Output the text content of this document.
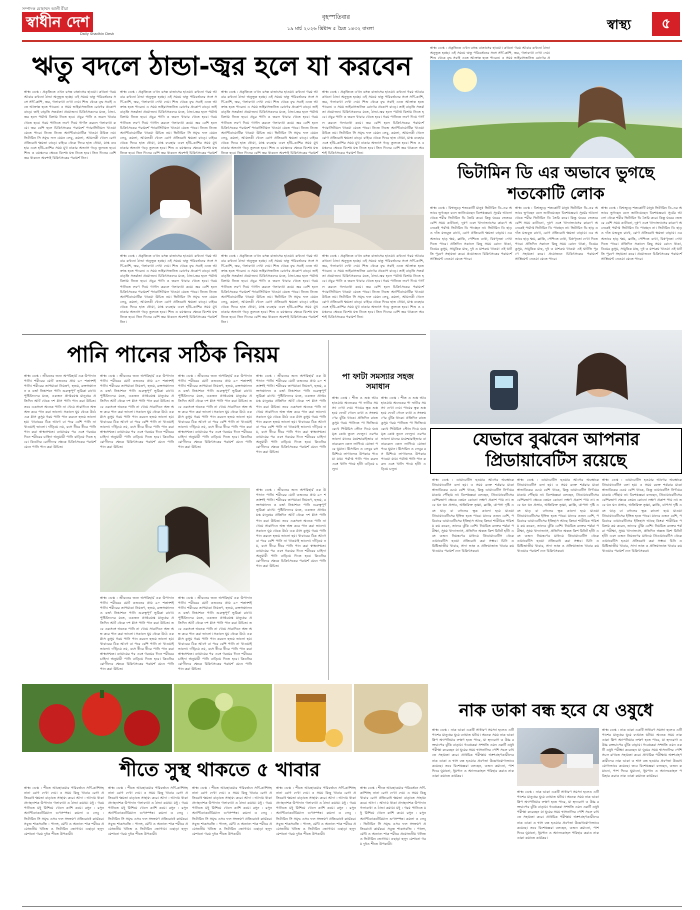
সম্পাদক মোহাম্মদ আলী মীরা
স্বাধীন দেশ
Daily Shadhin Desh
বৃহস্পতিবার
১৯ মার্চ ২০২৬ খ্রিষ্টাব্দ ৫ চৈত্র ১৪৩২ বাংলা	স্বাস্থ্য	৫
ঋতু বদলে ঠান্ডা-জ্বর হলে যা করবেন
স্বাস্থ্য ডেস্ক : প্রকৃতিতে এখন বসন্ত বাতাসের হাওয়া। কখনো গরম আবার কখনো ঠান্ডা অনুভূত হচ্ছে। এই সময়ে ঋতু পরিবর্তনের সঙ্গে সর্দি-কাশি, জ্বর, গলাব্যথা দেখা দেয়। শিশু থেকে বৃদ্ধ সবাই এতে আক্রান্ত হতে পারেন। এ সময় ভাইরাসজনিত রোগের প্রকোপ বাড়ে। তাই বাড়তি সতর্কতা প্রয়োজন। চিকিৎসকদের মতে, ঠান্ডা-জ্বর হলে পর্যাপ্ত বিশ্রাম নিতে হবে। প্রচুর পানি ও তরল খাবার খেতে হবে। গরম পানিতে লবণ দিয়ে গার্গল করলে গলাব্যথা কমে। জ্বর বেশি হলে চিকিৎসকের পরামর্শে প্যারাসিটামল খাওয়া যেতে পারে। নিজে নিজে অ্যান্টিবায়োটিক খাওয়া উচিত নয়। ভিটামিন সি সমৃদ্ধ ফল যেমন লেবু, কমলা, আমলকী খেলে রোগ প্রতিরোধ ক্ষমতা বাড়ে। বাইরে থেকে ফিরে হাত ধোয়া, মাস্ক ব্যবহার এবং হাঁচি-কাশির সময় মুখ ঢাকার অভ্যাস গড়ে তুলতে হবে। শিশু ও বয়স্কদের ক্ষেত্রে বিশেষ যত্ন নিতে হবে। তিন দিনের বেশি জ্বর থাকলে অবশ্যই চিকিৎসকের পরামর্শ নিন।
স্বাস্থ্য ডেস্ক : প্রকৃতিতে এখন বসন্ত বাতাসের হাওয়া। কখনো গরম আবার কখনো ঠান্ডা অনুভূত হচ্ছে। এই সময়ে ঋতু পরিবর্তনের সঙ্গে সর্দি-কাশি, জ্বর, গলাব্যথা দেখা দেয়। শিশু থেকে বৃদ্ধ সবাই এতে আক্রান্ত হতে পারেন। এ সময় ভাইরাসজনিত রোগের প্রকোপ বাড়ে। তাই বাড়তি সতর্কতা প্রয়োজন। চিকিৎসকদের মতে, ঠান্ডা-জ্বর হলে পর্যাপ্ত বিশ্রাম নিতে হবে। প্রচুর পানি ও তরল খাবার খেতে হবে। গরম পানিতে লবণ দিয়ে গার্গল করলে গলাব্যথা কমে। জ্বর বেশি হলে চিকিৎসকের পরামর্শে প্যারাসিটামল খাওয়া যেতে পারে। নিজে নিজে অ্যান্টিবায়োটিক খাওয়া উচিত নয়। ভিটামিন সি সমৃদ্ধ ফল যেমন লেবু, কমলা, আমলকী খেলে রোগ প্রতিরোধ ক্ষমতা বাড়ে। বাইরে থেকে ফিরে হাত ধোয়া, মাস্ক ব্যবহার এবং হাঁচি-কাশির সময় মুখ ঢাকার অভ্যাস গড়ে তুলতে হবে। শিশু ও বয়স্কদের ক্ষেত্রে বিশেষ যত্ন নিতে হবে। তিন দিনের বেশি জ্বর থাকলে অবশ্যই চিকিৎসকের পরামর্শ
স্বাস্থ্য ডেস্ক : প্রকৃতিতে এখন বসন্ত বাতাসের হাওয়া। কখনো গরম আবার কখনো ঠান্ডা অনুভূত হচ্ছে। এই সময়ে ঋতু পরিবর্তনের সঙ্গে সর্দি-কাশি, জ্বর, গলাব্যথা দেখা দেয়। শিশু থেকে বৃদ্ধ সবাই এতে আক্রান্ত হতে পারেন। এ সময় ভাইরাসজনিত রোগের প্রকোপ বাড়ে। তাই বাড়তি সতর্কতা প্রয়োজন। চিকিৎসকদের মতে, ঠান্ডা-জ্বর হলে পর্যাপ্ত বিশ্রাম নিতে হবে। প্রচুর পানি ও তরল খাবার খেতে হবে। গরম পানিতে লবণ দিয়ে গার্গল করলে গলাব্যথা কমে। জ্বর বেশি হলে চিকিৎসকের পরামর্শে প্যারাসিটামল খাওয়া যেতে পারে। নিজে নিজে অ্যান্টিবায়োটিক খাওয়া উচিত নয়। ভিটামিন সি সমৃদ্ধ ফল যেমন লেবু, কমলা, আমলকী খেলে রোগ প্রতিরোধ ক্ষমতা বাড়ে। বাইরে থেকে ফিরে হাত ধোয়া, মাস্ক ব্যবহার এবং হাঁচি-কাশির সময় মুখ ঢাকার অভ্যাস গড়ে তুলতে হবে। শিশু ও বয়স্কদের ক্ষেত্রে বিশেষ যত্ন নিতে হবে। তিন দিনের বেশি জ্বর থাকলে অবশ্যই চিকিৎসকের পরামর্শ
স্বাস্থ্য ডেস্ক : প্রকৃতিতে এখন বসন্ত বাতাসের হাওয়া। কখনো গরম আবার কখনো ঠান্ডা অনুভূত হচ্ছে। এই সময়ে ঋতু পরিবর্তনের সঙ্গে সর্দি-কাশি, জ্বর, গলাব্যথা দেখা দেয়। শিশু থেকে বৃদ্ধ সবাই এতে আক্রান্ত হতে পারেন। এ সময় ভাইরাসজনিত রোগের প্রকোপ বাড়ে। তাই বাড়তি সতর্কতা প্রয়োজন। চিকিৎসকদের মতে, ঠান্ডা-জ্বর হলে পর্যাপ্ত বিশ্রাম নিতে হবে। প্রচুর পানি ও তরল খাবার খেতে হবে। গরম পানিতে লবণ দিয়ে গার্গল করলে গলাব্যথা কমে। জ্বর বেশি হলে চিকিৎসকের পরামর্শে প্যারাসিটামল খাওয়া যেতে পারে। নিজে নিজে অ্যান্টিবায়োটিক খাওয়া উচিত নয়। ভিটামিন সি সমৃদ্ধ ফল যেমন লেবু, কমলা, আমলকী খেলে রোগ প্রতিরোধ ক্ষমতা বাড়ে। বাইরে থেকে ফিরে হাত ধোয়া, মাস্ক ব্যবহার এবং হাঁচি-কাশির সময় মুখ ঢাকার অভ্যাস গড়ে তুলতে হবে। শিশু ও বয়স্কদের ক্ষেত্রে বিশেষ যত্ন নিতে হবে। তিন দিনের বেশি জ্বর থাকলে অবশ্যই চিকিৎসকের পরামর্শ নিন।
স্বাস্থ্য ডেস্ক : প্রকৃতিতে এখন বসন্ত বাতাসের হাওয়া। কখনো গরম আবার কখনো ঠান্ডা অনুভূত হচ্ছে। এই সময়ে ঋতু পরিবর্তনের সঙ্গে সর্দি-কাশি, জ্বর, গলাব্যথা দেখা দেয়। শিশু থেকে বৃদ্ধ সবাই এতে আক্রান্ত হতে পারেন। এ সময় ভাইরাসজনিত রোগের প্রকোপ বাড়ে। তাই বাড়তি সতর্কতা প্রয়োজন। চিকিৎসকদের মতে, ঠান্ডা-জ্বর হলে পর্যাপ্ত বিশ্রাম নিতে হবে। প্রচুর পানি ও তরল খাবার খেতে হবে। গরম পানিতে লবণ দিয়ে গার্গল করলে গলাব্যথা কমে। জ্বর বেশি হলে চিকিৎসকের পরামর্শে প্যারাসিটামল খাওয়া যেতে পারে। নিজে নিজে অ্যান্টিবায়োটিক খাওয়া উচিত নয়। ভিটামিন সি সমৃদ্ধ ফল যেমন লেবু, কমলা, আমলকী খেলে রোগ প্রতিরোধ ক্ষমতা বাড়ে। বাইরে থেকে ফিরে হাত ধোয়া, মাস্ক ব্যবহার এবং হাঁচি-কাশির সময় মুখ ঢাকার অভ্যাস গড়ে তুলতে হবে। শিশু ও বয়স্কদের ক্ষেত্রে বিশেষ যত্ন নিতে হবে। তিন দিনের বেশি জ্বর থাকলে অবশ্যই চিকিৎসকের পরামর্শ নিন।
স্বাস্থ্য ডেস্ক : প্রকৃতিতে এখন বসন্ত বাতাসের হাওয়া। কখনো গরম আবার কখনো ঠান্ডা অনুভূত হচ্ছে। এই সময়ে ঋতু পরিবর্তনের সঙ্গে সর্দি-কাশি, জ্বর, গলাব্যথা দেখা দেয়। শিশু থেকে বৃদ্ধ সবাই এতে আক্রান্ত হতে পারেন। এ সময় ভাইরাসজনিত রোগের প্রকোপ বাড়ে। তাই বাড়তি সতর্কতা প্রয়োজন। চিকিৎসকদের মতে, ঠান্ডা-জ্বর হলে পর্যাপ্ত বিশ্রাম নিতে হবে। প্রচুর পানি ও তরল খাবার খেতে হবে। গরম পানিতে লবণ দিয়ে গার্গল করলে গলাব্যথা কমে। জ্বর বেশি হলে চিকিৎসকের পরামর্শে প্যারাসিটামল খাওয়া যেতে পারে। নিজে নিজে অ্যান্টিবায়োটিক খাওয়া উচিত নয়। ভিটামিন সি সমৃদ্ধ ফল যেমন লেবু, কমলা, আমলকী খেলে রোগ প্রতিরোধ ক্ষমতা বাড়ে। বাইরে থেকে ফিরে হাত ধোয়া, মাস্ক ব্যবহার এবং হাঁচি-কাশির সময় মুখ ঢাকার অভ্যাস গড়ে তুলতে হবে। শিশু ও বয়স্কদের ক্ষেত্রে বিশেষ যত্ন নিতে হবে। তিন দিনের বেশি জ্বর থাকলে অবশ্যই চিকিৎসকের পরামর্শ নিন।
স্বাস্থ্য ডেস্ক : প্রকৃতিতে এখন বসন্ত বাতাসের হাওয়া। কখনো গরম আবার কখনো ঠান্ডা অনুভূত হচ্ছে। এই সময়ে ঋতু পরিবর্তনের সঙ্গে সর্দি-কাশি, জ্বর, গলাব্যথা দেখা দেয়। শিশু থেকে বৃদ্ধ সবাই এতে আক্রান্ত হতে পারেন। এ সময় ভাইরাসজনিত রোগের প্রকোপ বাড়ে। তাই বাড়তি সতর্কতা প্রয়োজন। চিকিৎসকদের মতে, ঠান্ডা-জ্বর হলে পর্যাপ্ত বিশ্রাম নিতে হবে। প্রচুর পানি ও তরল খাবার খেতে হবে। গরম পানিতে লবণ দিয়ে গার্গল করলে গলাব্যথা কমে। জ্বর বেশি হলে চিকিৎসকের পরামর্শে প্যারাসিটামল খাওয়া যেতে পারে। নিজে নিজে অ্যান্টিবায়োটিক খাওয়া উচিত নয়। ভিটামিন সি সমৃদ্ধ ফল যেমন লেবু, কমলা, আমলকী খেলে রোগ প্রতিরোধ ক্ষমতা বাড়ে। বাইরে থেকে ফিরে হাত ধোয়া, মাস্ক ব্যবহার এবং হাঁচি-কাশির সময় মুখ ঢাকার অভ্যাস গড়ে তুলতে হবে। শিশু ও বয়স্কদের ক্ষেত্রে বিশেষ যত্ন নিতে হবে। তিন দিনের বেশি জ্বর থাকলে অবশ্যই চিকিৎসকের পরামর্শ নিন।
স্বাস্থ্য ডেস্ক : প্রকৃতিতে এখন বসন্ত বাতাসের হাওয়া। কখনো গরম আবার কখনো ঠান্ডা অনুভূত হচ্ছে। এই সময়ে ঋতু পরিবর্তনের সঙ্গে সর্দি-কাশি, জ্বর, গলাব্যথা দেখা দেয়। শিশু থেকে বৃদ্ধ সবাই এতে আক্রান্ত হতে পারেন। এ সময় ভাইরাসজনিত রোগের প্র
ভিটামিন ডি এর অভাবে ভুগছে শতকোটি লোক
স্বাস্থ্য ডেস্ক : বিশ্বজুড়ে শতকোটি মানুষ ভিটামিন ডি-এর অভাবে ভুগছেন বলে জানিয়েছেন বিশেষজ্ঞরা। সূর্যের আলো থেকে শরীর ভিটামিন ডি তৈরি করে। কিন্তু ঘরের ভেতরে বেশি সময় কাটানো, দূষণ এবং খাদ্যাভ্যাসের কারণে অনেকেই পর্যাপ্ত ভিটামিন ডি পাচ্ছেন না। ভিটামিন ডি হাড় ও দাঁত মজবুত রাখে, রোগ প্রতিরোধ ক্ষমতা বাড়ায়। এর অভাবে হাড় ক্ষয়, ক্লান্তি, পেশিতে ব্যথা, বিষণ্নতা দেখা দিতে পারে। প্রতিদিন সকালে কিছু সময় রোদে থাকা, ডিমের কুসুম, সামুদ্রিক মাছ, দুধ ও মাশরুম খাওয়া এই ঘাটতি পূরণে সহায়তা করে। প্রয়োজনে চিকিৎসকের পরামর্শে সাপ্লিমেন্ট নেওয়া যেতে পারে।
স্বাস্থ্য ডেস্ক : বিশ্বজুড়ে শতকোটি মানুষ ভিটামিন ডি-এর অভাবে ভুগছেন বলে জানিয়েছেন বিশেষজ্ঞরা। সূর্যের আলো থেকে শরীর ভিটামিন ডি তৈরি করে। কিন্তু ঘরের ভেতরে বেশি সময় কাটানো, দূষণ এবং খাদ্যাভ্যাসের কারণে অনেকেই পর্যাপ্ত ভিটামিন ডি পাচ্ছেন না। ভিটামিন ডি হাড় ও দাঁত মজবুত রাখে, রোগ প্রতিরোধ ক্ষমতা বাড়ায়। এর অভাবে হাড় ক্ষয়, ক্লান্তি, পেশিতে ব্যথা, বিষণ্নতা দেখা দিতে পারে। প্রতিদিন সকালে কিছু সময় রোদে থাকা, ডিমের কুসুম, সামুদ্রিক মাছ, দুধ ও মাশরুম খাওয়া এই ঘাটতি পূরণে সহায়তা করে। প্রয়োজনে চিকিৎসকের পরামর্শে সাপ্লিমেন্ট নেওয়া যেতে পারে।
স্বাস্থ্য ডেস্ক : বিশ্বজুড়ে শতকোটি মানুষ ভিটামিন ডি-এর অভাবে ভুগছেন বলে জানিয়েছেন বিশেষজ্ঞরা। সূর্যের আলো থেকে শরীর ভিটামিন ডি তৈরি করে। কিন্তু ঘরের ভেতরে বেশি সময় কাটানো, দূষণ এবং খাদ্যাভ্যাসের কারণে অনেকেই পর্যাপ্ত ভিটামিন ডি পাচ্ছেন না। ভিটামিন ডি হাড় ও দাঁত মজবুত রাখে, রোগ প্রতিরোধ ক্ষমতা বাড়ায়। এর অভাবে হাড় ক্ষয়, ক্লান্তি, পেশিতে ব্যথা, বিষণ্নতা দেখা দিতে পারে। প্রতিদিন সকালে কিছু সময় রোদে থাকা, ডিমের কুসুম, সামুদ্রিক মাছ, দুধ ও মাশরুম খাওয়া এই ঘাটতি পূরণে সহায়তা করে। প্রয়োজনে চিকিৎসকের পরামর্শে সাপ্লিমেন্ট নেওয়া যেতে পারে।
পানি পানের সঠিক নিয়ম
স্বাস্থ্য ডেস্ক : জীবনের জন্য অপরিহার্য এক উপাদান পানি। শরীরের মোট ওজনের প্রায় ৬০ শতাংশই পানি। শরীরের তাপমাত্রা নিয়ন্ত্রণ, হজম, রক্তসঞ্চালন ও বর্জ্য নিষ্কাশনে পানি গুরুত্বপূর্ণ ভূমিকা রাখে। পুষ্টিবিদদের মতে, একজন প্রাপ্তবয়স্ক মানুষের প্রতিদিন আট থেকে দশ গ্লাস পানি পান করা উচিত। তবে একসঙ্গে অনেক পানি না খেয়ে সারাদিনে অল্প অল্প করে পান করা ভালো। সকালে ঘুম থেকে উঠে এক গ্লাস কুসুম গরম পানি পান করলে হজম ভালো হয়। খাবারের ঠিক আগে বা পরে বেশি পানি না খাওয়াই ভালো। দাঁড়িয়ে নয়, বসে ধীরে ধীরে পানি পান করা স্বাস্থ্যসম্মত। ব্যায়ামের পর এবং গরমের দিনে শরীরের চাহিদা অনুযায়ী পানি বাড়িয়ে দিতে হবে। কিডনির রোগীদের ক্ষেত্রে চিকিৎসকের পরামর্শ মেনে পানি পান করা উচিত।
স্বাস্থ্য ডেস্ক : জীবনের জন্য অপরিহার্য এক উপাদান পানি। শরীরের মোট ওজনের প্রায় ৬০ শতাংশই পানি। শরীরের তাপমাত্রা নিয়ন্ত্রণ, হজম, রক্তসঞ্চালন ও বর্জ্য নিষ্কাশনে পানি গুরুত্বপূর্ণ ভূমিকা রাখে। পুষ্টিবিদদের মতে, একজন প্রাপ্তবয়স্ক মানুষের প্রতিদিন আট থেকে দশ গ্লাস পানি পান করা উচিত। তবে একসঙ্গে অনেক পানি না খেয়ে সারাদিনে অল্প অল্প করে পান করা ভালো। সকালে ঘুম থেকে উঠে এক গ্লাস কুসুম গরম পানি পান করলে হজম ভালো হয়। খাবারের ঠিক আগে বা পরে বেশি পানি না খাওয়াই ভালো। দাঁড়িয়ে নয়, বসে ধীরে ধীরে পানি পান করা স্বাস্থ্যসম্মত। ব্যায়ামের পর এবং গরমের দিনে শরীরের চাহিদা অনুযায়ী পানি বাড়িয়ে দিতে হবে। কিডনির রোগীদের ক্ষেত্রে চিকিৎসকের পরামর্শ মেনে পানি পান করা উচিত।
স্বাস্থ্য ডেস্ক : জীবনের জন্য অপরিহার্য এক উপাদান পানি। শরীরের মোট ওজনের প্রায় ৬০ শতাংশই পানি। শরীরের তাপমাত্রা নিয়ন্ত্রণ, হজম, রক্তসঞ্চালন ও বর্জ্য নিষ্কাশনে পানি গুরুত্বপূর্ণ ভূমিকা রাখে। পুষ্টিবিদদের মতে, একজন প্রাপ্তবয়স্ক মানুষের প্রতিদিন আট থেকে দশ গ্লাস পানি পান করা উচিত। তবে একসঙ্গে অনেক পানি না খেয়ে সারাদিনে অল্প অল্প করে পান করা ভালো। সকালে ঘুম থেকে উঠে এক গ্লাস কুসুম গরম পানি পান করলে হজম ভালো হয়। খাবারের ঠিক আগে বা পরে বেশি পানি না খাওয়াই ভালো। দাঁড়িয়ে নয়, বসে ধীরে ধীরে পানি পান করা স্বাস্থ্যসম্মত। ব্যায়ামের পর এবং গরমের দিনে শরীরের চাহিদা অনুযায়ী পানি বাড়িয়ে দিতে হবে। কিডনির রোগীদের ক্ষেত্রে চিকিৎসকের পরামর্শ মেনে পানি পান করা উচিত।
স্বাস্থ্য ডেস্ক : জীবনের জন্য অপরিহার্য এক উপাদান পানি। শরীরের মোট ওজনের প্রায় ৬০ শতাংশই পানি। শরীরের তাপমাত্রা নিয়ন্ত্রণ, হজম, রক্তসঞ্চালন ও বর্জ্য নিষ্কাশনে পানি গুরুত্বপূর্ণ ভূমিকা রাখে। পুষ্টিবিদদের মতে, একজন প্রাপ্তবয়স্ক মানুষের প্রতিদিন আট থেকে দশ গ্লাস পানি পান করা উচিত। তবে একসঙ্গে অনেক পানি না খেয়ে সারাদিনে অল্প অল্প করে পান করা ভালো। সকালে ঘুম থেকে উঠে এক গ্লাস কুসুম গরম পানি পান করলে হজম ভালো হয়। খাবারের ঠিক আগে বা পরে বেশি পানি না খাওয়াই ভালো। দাঁড়িয়ে নয়, বসে ধীরে ধীরে পানি পান করা স্বাস্থ্যসম্মত। ব্যায়ামের পর এবং গরমের দিনে শরীরের চাহিদা অনুযায়ী পানি বাড়িয়ে দিতে হবে। কিডনির রোগীদের ক্ষেত্রে চিকিৎসকের পরামর্শ মেনে পানি পান করা উচিত।
স্বাস্থ্য ডেস্ক : জীবনের জন্য অপরিহার্য এক উপাদান পানি। শরীরের মোট ওজনের প্রায় ৬০ শতাংশই পানি। শরীরের তাপমাত্রা নিয়ন্ত্রণ, হজম, রক্তসঞ্চালন ও বর্জ্য নিষ্কাশনে পানি গুরুত্বপূর্ণ ভূমিকা রাখে। পুষ্টিবিদদের মতে, একজন প্রাপ্তবয়স্ক মানুষের প্রতিদিন আট থেকে দশ গ্লাস পানি পান করা উচিত। তবে একসঙ্গে অনেক পানি না খেয়ে সারাদিনে অল্প অল্প করে পান করা ভালো। সকালে ঘুম থেকে উঠে এক গ্লাস কুসুম গরম পানি পান করলে হজম ভালো হয়। খাবারের ঠিক আগে বা পরে বেশি পানি না খাওয়াই ভালো। দাঁড়িয়ে নয়, বসে ধীরে ধীরে পানি পান করা স্বাস্থ্যসম্মত। ব্যায়ামের পর এবং গরমের দিনে শরীরের চাহিদা অনুযায়ী পানি বাড়িয়ে দিতে হবে। কিডনির রোগীদের ক্ষেত্রে চিকিৎসকের পরামর্শ মেনে পানি পান করা উচিত।
স্বাস্থ্য ডেস্ক : জীবনের জন্য অপরিহার্য এক উপাদান পানি। শরীরের মোট ওজনের প্রায় ৬০ শতাংশই পানি। শরীরের তাপমাত্রা নিয়ন্ত্রণ, হজম, রক্তসঞ্চালন ও বর্জ্য নিষ্কাশনে পানি গুরুত্বপূর্ণ ভূমিকা রাখে। পুষ্টিবিদদের মতে, একজন প্রাপ্তবয়স্ক মানুষের প্রতিদিন আট থেকে দশ গ্লাস পানি পান করা উচিত। তবে একসঙ্গে অনেক পানি না খেয়ে সারাদিনে অল্প অল্প করে পান করা ভালো। সকালে ঘুম থেকে উঠে এক গ্লাস কুসুম গরম পানি পান করলে হজম ভালো হয়। খাবারের ঠিক আগে বা পরে বেশি পানি না খাওয়াই ভালো। দাঁড়িয়ে নয়, বসে ধীরে ধীরে পানি পান করা স্বাস্থ্যসম্মত। ব্যায়ামের পর এবং গরমের দিনে শরীরের চাহিদা অনুযায়ী পানি বাড়িয়ে দিতে হবে। কিডনির রোগীদের ক্ষেত্রে চিকিৎসকের পরামর্শ মেনে পানি পান করা উচিত।
স্বাস্থ্য ডেস্ক : জীবনের জন্য অপরিহার্য এক উপাদান পানি। শরীরের মোট ওজনের প্রায় ৬০ শতাংশই পানি। শরীরের তাপমাত্রা নিয়ন্ত্রণ, হজম, রক্তসঞ্চালন ও বর্জ্য নিষ্কাশনে পানি গুরুত্বপূর্ণ ভূমিকা রাখে। পুষ্টিবিদদের মতে, একজন প্রাপ্তবয়স্ক মানুষের প্রতিদিন আট থেকে দশ গ্লাস পানি পান করা উচিত। তবে একসঙ্গে অনেক পানি না খেয়ে সারাদিনে অল্প অল্প করে পান করা ভালো। সকালে ঘুম থেকে উঠে এক গ্লাস কুসুম গরম পানি পান করলে হজম ভালো হয়। খাবারের ঠিক আগে বা পরে বেশি পানি না খাওয়াই ভালো। দাঁড়িয়ে নয়, বসে ধীরে ধীরে পানি পান করা স্বাস্থ্যসম্মত। ব্যায়ামের পর এবং গরমের দিনে শরীরের চাহিদা অনুযায়ী পানি বাড়িয়ে দিতে হবে। কিডনির রোগীদের ক্ষেত্রে চিকিৎসকের পরামর্শ মেনে পানি পান করা উচিত।
পা ফাটা সমস্যার সহজ সমাধান
স্বাস্থ্য ডেস্ক : শীত ও শুষ্ক আবহাওয়ায় অনেকের পা ফাটার সমস্যা দেখা দেয়। পায়ের ত্বক শুষ্ক হয়ে ফেটে গেলে ব্যথা ও সংক্রমণের ঝুঁকি থাকে। প্রতিদিন রাতে কুসুম গরম পানিতে পা ভিজিয়ে রেখে পিউমিস স্টোন দিয়ে ঘষে মৃত কোষ তুলে ফেলুন। এরপর ভালো মানের ময়েশ্চারাইজার বা নারকেল তেল লাগিয়ে মোজা পরে ঘুমান। গ্লিসারিন ও লেবুর রস মিশিয়ে লাগালেও উপকার পাওয়া যায়। পর্যাপ্ত পানি পান করুন এবং খালি পায়ে হাঁটা এড়িয়ে চলুন।
স্বাস্থ্য ডেস্ক : শীত ও শুষ্ক আবহাওয়ায় অনেকের পা ফাটার সমস্যা দেখা দেয়। পায়ের ত্বক শুষ্ক হয়ে ফেটে গেলে ব্যথা ও সংক্রমণের ঝুঁকি থাকে। প্রতিদিন রাতে কুসুম গরম পানিতে পা ভিজিয়ে রেখে পিউমিস স্টোন দিয়ে ঘষে মৃত কোষ তুলে ফেলুন। এরপর ভালো মানের ময়েশ্চারাইজার বা নারকেল তেল লাগিয়ে মোজা পরে ঘুমান। গ্লিসারিন ও লেবুর রস মিশিয়ে লাগালেও উপকার পাওয়া যায়। পর্যাপ্ত পানি পান করুন এবং খালি পায়ে হাঁটা এড়িয়ে চলুন।
যেভাবে বুঝবেন আপনার প্রিডায়াবেটিস রয়েছে
স্বাস্থ্য ডেস্ক : ডায়াবেটিস হওয়ার আগের অবস্থাকে প্রিডায়াবেটিস বলা হয়। এ সময় রক্তে শর্করার মাত্রা স্বাভাবিকের চেয়ে বেশি থাকে, কিন্তু ডায়াবেটিস নির্ণয়ের মাত্রায় পৌঁছায় না। বিশেষজ্ঞরা বলছেন, প্রিডায়াবেটিসের বেশিরভাগ ক্ষেত্রে তেমন কোনো লক্ষণ প্রকাশ পায় না। তবে ঘন ঘন প্রস্রাব, অতিরিক্ত তৃষ্ণা, ক্লান্তি, ঝাপসা দৃষ্টি এবং ঘাড় বা বগলের ত্বক কালো হয়ে যাওয়া প্রিডায়াবেটিসের ইঙ্গিত হতে পারে। যাদের ওজন বেশি, পরিবারে ডায়াবেটিসের ইতিহাস আছে কিংবা শারীরিক পরিশ্রম কম করেন, তাদের ঝুঁকি বেশি। নিয়মিত রক্তের শর্করা পরীক্ষা, সুষম খাদ্যাভ্যাস, প্রতিদিন অন্তত ত্রিশ মিনিট হাঁটা এবং ওজন নিয়ন্ত্রণের মাধ্যমে প্রিডায়াবেটিস থেকে ডায়াবেটিস হওয়া প্রতিরোধ করা সম্ভব। চিনি ও মিষ্টিজাতীয় খাবার, সাদা ভাত ও প্রক্রিয়াজাত খাবার কম খাওয়ার পরামর্শ দেন চিকিৎসকরা।
স্বাস্থ্য ডেস্ক : ডায়াবেটিস হওয়ার আগের অবস্থাকে প্রিডায়াবেটিস বলা হয়। এ সময় রক্তে শর্করার মাত্রা স্বাভাবিকের চেয়ে বেশি থাকে, কিন্তু ডায়াবেটিস নির্ণয়ের মাত্রায় পৌঁছায় না। বিশেষজ্ঞরা বলছেন, প্রিডায়াবেটিসের বেশিরভাগ ক্ষেত্রে তেমন কোনো লক্ষণ প্রকাশ পায় না। তবে ঘন ঘন প্রস্রাব, অতিরিক্ত তৃষ্ণা, ক্লান্তি, ঝাপসা দৃষ্টি এবং ঘাড় বা বগলের ত্বক কালো হয়ে যাওয়া প্রিডায়াবেটিসের ইঙ্গিত হতে পারে। যাদের ওজন বেশি, পরিবারে ডায়াবেটিসের ইতিহাস আছে কিংবা শারীরিক পরিশ্রম কম করেন, তাদের ঝুঁকি বেশি। নিয়মিত রক্তের শর্করা পরীক্ষা, সুষম খাদ্যাভ্যাস, প্রতিদিন অন্তত ত্রিশ মিনিট হাঁটা এবং ওজন নিয়ন্ত্রণের মাধ্যমে প্রিডায়াবেটিস থেকে ডায়াবেটিস হওয়া প্রতিরোধ করা সম্ভব। চিনি ও মিষ্টিজাতীয় খাবার, সাদা ভাত ও প্রক্রিয়াজাত খাবার কম খাওয়ার পরামর্শ দেন চিকিৎসকরা।
স্বাস্থ্য ডেস্ক : ডায়াবেটিস হওয়ার আগের অবস্থাকে প্রিডায়াবেটিস বলা হয়। এ সময় রক্তে শর্করার মাত্রা স্বাভাবিকের চেয়ে বেশি থাকে, কিন্তু ডায়াবেটিস নির্ণয়ের মাত্রায় পৌঁছায় না। বিশেষজ্ঞরা বলছেন, প্রিডায়াবেটিসের বেশিরভাগ ক্ষেত্রে তেমন কোনো লক্ষণ প্রকাশ পায় না। তবে ঘন ঘন প্রস্রাব, অতিরিক্ত তৃষ্ণা, ক্লান্তি, ঝাপসা দৃষ্টি এবং ঘাড় বা বগলের ত্বক কালো হয়ে যাওয়া প্রিডায়াবেটিসের ইঙ্গিত হতে পারে। যাদের ওজন বেশি, পরিবারে ডায়াবেটিসের ইতিহাস আছে কিংবা শারীরিক পরিশ্রম কম করেন, তাদের ঝুঁকি বেশি। নিয়মিত রক্তের শর্করা পরীক্ষা, সুষম খাদ্যাভ্যাস, প্রতিদিন অন্তত ত্রিশ মিনিট হাঁটা এবং ওজন নিয়ন্ত্রণের মাধ্যমে প্রিডায়াবেটিস থেকে ডায়াবেটিস হওয়া প্রতিরোধ করা সম্ভব। চিনি ও মিষ্টিজাতীয় খাবার, সাদা ভাত ও প্রক্রিয়াজাত খাবার কম খাওয়ার পরামর্শ দেন চিকিৎসকরা।
শীতে সুস্থ থাকতে ৫ খাবার
স্বাস্থ্য ডেস্ক : শীতে আবহাওয়ার পরিবর্তনে সর্দি-কাশিসহ নানা রোগ দেখা দেয়। এ সময় কিছু খাবার রোগ প্রতিরোধ ক্ষমতা বাড়াতে সাহায্য করে। আদা : আদায় থাকা প্রদাহনাশক উপাদান গলাব্যথা ও ঠান্ডা কমায়। মধু : গরম পানিতে মধু মিশিয়ে খেলে কাশি কমে। রসুন : রসুন অ্যান্টিব্যাকটেরিয়াল গুণসম্পন্ন। কমলা ও লেবু : ভিটামিন সি সমৃদ্ধ এসব ফল সংক্রমণ প্রতিরোধে কার্যকর। সবুজ শাকসবজি : পালং, মেথি ও অন্যান্য শাক শরীরে প্রয়োজনীয় খনিজ ও ভিটামিন জোগায়। এছাড়া হলুদ মেশানো গরম দুধও শীতে উপকারী।
স্বাস্থ্য ডেস্ক : শীতে আবহাওয়ার পরিবর্তনে সর্দি-কাশিসহ নানা রোগ দেখা দেয়। এ সময় কিছু খাবার রোগ প্রতিরোধ ক্ষমতা বাড়াতে সাহায্য করে। আদা : আদায় থাকা প্রদাহনাশক উপাদান গলাব্যথা ও ঠান্ডা কমায়। মধু : গরম পানিতে মধু মিশিয়ে খেলে কাশি কমে। রসুন : রসুন অ্যান্টিব্যাকটেরিয়াল গুণসম্পন্ন। কমলা ও লেবু : ভিটামিন সি সমৃদ্ধ এসব ফল সংক্রমণ প্রতিরোধে কার্যকর। সবুজ শাকসবজি : পালং, মেথি ও অন্যান্য শাক শরীরে প্রয়োজনীয় খনিজ ও ভিটামিন জোগায়। এছাড়া হলুদ মেশানো গরম দুধও শীতে উপকারী।
স্বাস্থ্য ডেস্ক : শীতে আবহাওয়ার পরিবর্তনে সর্দি-কাশিসহ নানা রোগ দেখা দেয়। এ সময় কিছু খাবার রোগ প্রতিরোধ ক্ষমতা বাড়াতে সাহায্য করে। আদা : আদায় থাকা প্রদাহনাশক উপাদান গলাব্যথা ও ঠান্ডা কমায়। মধু : গরম পানিতে মধু মিশিয়ে খেলে কাশি কমে। রসুন : রসুন অ্যান্টিব্যাকটেরিয়াল গুণসম্পন্ন। কমলা ও লেবু : ভিটামিন সি সমৃদ্ধ এসব ফল সংক্রমণ প্রতিরোধে কার্যকর। সবুজ শাকসবজি : পালং, মেথি ও অন্যান্য শাক শরীরে প্রয়োজনীয় খনিজ ও ভিটামিন জোগায়। এছাড়া হলুদ মেশানো গরম দুধও শীতে উপকারী।
স্বাস্থ্য ডেস্ক : শীতে আবহাওয়ার পরিবর্তনে সর্দি-কাশিসহ নানা রোগ দেখা দেয়। এ সময় কিছু খাবার রোগ প্রতিরোধ ক্ষমতা বাড়াতে সাহায্য করে। আদা : আদায় থাকা প্রদাহনাশক উপাদান গলাব্যথা ও ঠান্ডা কমায়। মধু : গরম পানিতে মধু মিশিয়ে খেলে কাশি কমে। রসুন : রসুন অ্যান্টিব্যাকটেরিয়াল গুণসম্পন্ন। কমলা ও লেবু : ভিটামিন সি সমৃদ্ধ এসব ফল সংক্রমণ প্রতিরোধে কার্যকর। সবুজ শাকসবজি : পালং, মেথি ও অন্যান্য শাক শরীরে প্রয়োজনীয় খনিজ ও ভিটামিন জোগায়। এছাড়া হলুদ মেশানো গরম দুধও শীতে উপকারী।
স্বাস্থ্য ডেস্ক : শীতে আবহাওয়ার পরিবর্তনে সর্দি-কাশিসহ নানা রোগ দেখা দেয়। এ সময় কিছু খাবার রোগ প্রতিরোধ ক্ষমতা বাড়াতে সাহায্য করে। আদা : আদায় থাকা প্রদাহনাশক উপাদান গলাব্যথা ও ঠান্ডা কমায়। মধু : গরম পানিতে মধু মিশিয়ে খেলে কাশি কমে। রসুন : রসুন অ্যান্টিব্যাকটেরিয়াল গুণসম্পন্ন। কমলা ও লেবু : ভিটামিন সি সমৃদ্ধ এসব ফল সংক্রমণ প্রতিরোধে কার্যকর। সবুজ শাকসবজি : পালং, মেথি ও অন্যান্য শাক শরীরে প্রয়োজনীয় খনিজ ও ভিটামিন জোগায়। এছাড়া হলুদ মেশানো গরম দুধও শীতে উপকারী।
নাক ডাকা বন্ধ হবে যে ওষুধে
স্বাস্থ্য ডেস্ক : নাক ডাকা একটি সাধারণ সমস্যা হলেও এটি পাশের মানুষের ঘুমে ব্যাঘাত ঘটায়। অনেক সময় নাক ডাকা স্লিপ অ্যাপনিয়ার লক্ষণ হতে পারে, যা হৃদরোগ ও উচ্চ রক্তচাপের ঝুঁকি বাড়ায়। গবেষকরা সম্প্রতি এমন একটি ওষুধ পরীক্ষা করেছেন যা ঘুমের সময় শ্বাসনালির পেশি সচল রাখতে সহায়তা করে। প্রাথমিক পরীক্ষায় অংশগ্রহণকারীদের নাক ডাকা ও শ্বাস বন্ধ হওয়ার প্রবণতা উল্লেখযোগ্যভাবে কমেছে। তবে বিশেষজ্ঞরা বলছেন, ওজন কমানো, পাশ ফিরে ঘুমানো, ধূমপান ও অ্যালকোহল পরিহার করাও নাক ডাকা কমাতে কার্যকর।
স্বাস্থ্য ডেস্ক : নাক ডাকা একটি সাধারণ সমস্যা হলেও এটি পাশের মানুষের ঘুমে ব্যাঘাত ঘটায়। অনেক সময় নাক ডাকা স্লিপ অ্যাপনিয়ার লক্ষণ হতে পারে, যা হৃদরোগ ও উচ্চ রক্তচাপের ঝুঁকি বাড়ায়। গবেষকরা সম্প্রতি এমন একটি ওষুধ পরীক্ষা করেছেন যা ঘুমের সময় শ্বাসনালির পেশি সচল রাখতে সহায়তা করে। প্রাথমিক পরীক্ষায় অংশগ্রহণকারীদের নাক ডাকা ও শ্বাস বন্ধ হওয়ার প্রবণতা উল্লেখযোগ্যভাবে কমেছে। তবে বিশেষজ্ঞরা বলছেন, ওজন কমানো, পাশ ফিরে ঘুমানো, ধূমপান ও অ্যালকোহল পরিহার করাও নাক ডাকা কমাতে কার্যকর।
স্বাস্থ্য ডেস্ক : নাক ডাকা একটি সাধারণ সমস্যা হলেও এটি পাশের মানুষের ঘুমে ব্যাঘাত ঘটায়। অনেক সময় নাক ডাকা স্লিপ অ্যাপনিয়ার লক্ষণ হতে পারে, যা হৃদরোগ ও উচ্চ রক্তচাপের ঝুঁকি বাড়ায়। গবেষকরা সম্প্রতি এমন একটি ওষুধ পরীক্ষা করেছেন যা ঘুমের সময় শ্বাসনালির পেশি সচল রাখতে সহায়তা করে। প্রাথমিক পরীক্ষায় অংশগ্রহণকারীদের নাক ডাকা ও শ্বাস বন্ধ হওয়ার প্রবণতা উল্লেখযোগ্যভাবে কমেছে। তবে বিশেষজ্ঞরা বলছেন, ওজন কমানো, পাশ ফিরে ঘুমানো, ধূমপান ও অ্যালকোহল পরিহার করাও নাক ডাকা কমাতে কার্যকর।
